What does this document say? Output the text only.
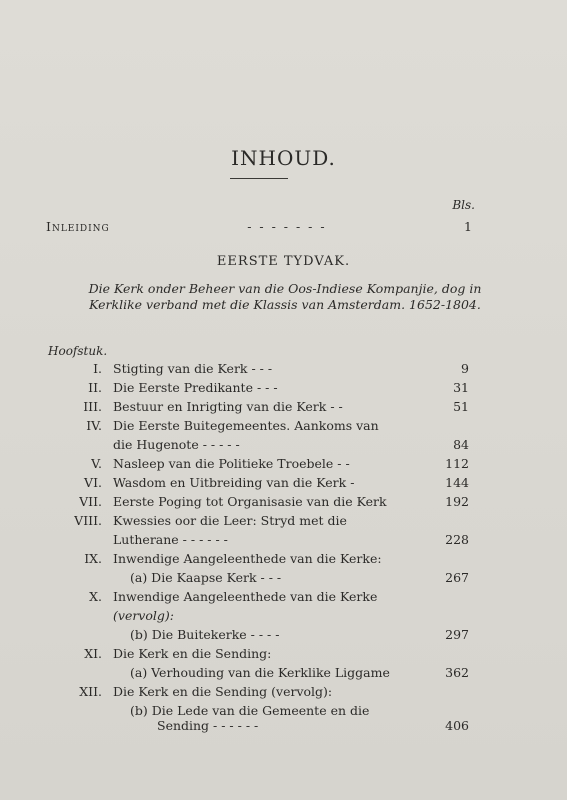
INHOUD.
Bls.
Inleiding	- - - - - - -	1
EERSTE TYDVAK.
Die Kerk onder Beheer van die Oos-Indiese Kompanjie, dog in Kerklike verband met die Klassis van Amsterdam. 1652-1804.
Hoofstuk.
I. Stigting van die Kerk - - -	9
II. Die Eerste Predikante - - -	31
III. Bestuur en Inrigting van die Kerk - -	51
IV. Die Eerste Buitegemeentes. Aankoms van
die Hugenote - - - - -	84
V. Nasleep van die Politieke Troebele - -	112
VI. Wasdom en Uitbreiding van die Kerk -	144
VII. Eerste Poging tot Organisasie van die Kerk	192
VIII. Kwessies oor die Leer: Stryd met die
Lutherane - - - - - -	228
IX. Inwendige Aangeleenthede van die Kerke:
(a) Die Kaapse Kerk - - -	267
X. Inwendige Aangeleenthede van die Kerke
(vervolg):
(b) Die Buitekerke - - - -	297
XI. Die Kerk en die Sending:
(a) Verhouding van die Kerklike Liggame	362
XII. Die Kerk en die Sending (vervolg):
(b) Die Lede van die Gemeente en die
Sending - - - - - -	406
